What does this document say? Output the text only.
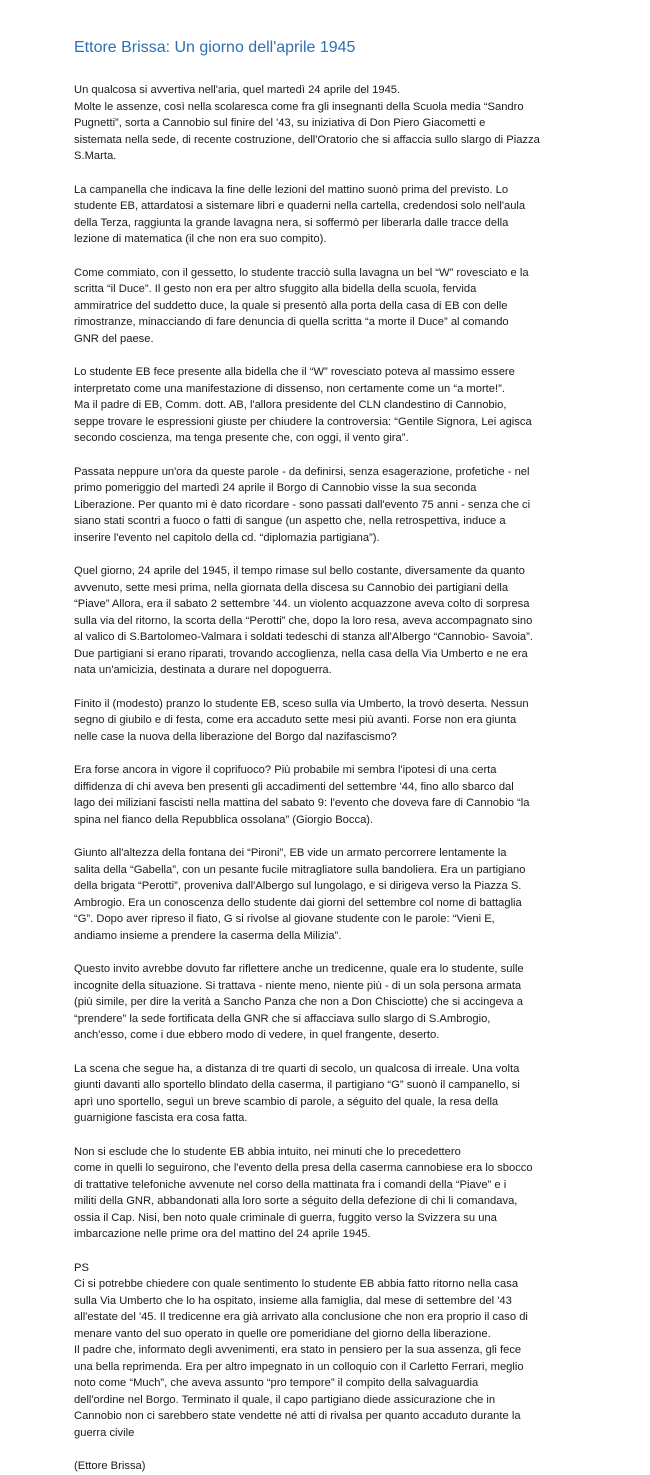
Ettore Brissa: Un giorno dell'aprile 1945

Un qualcosa si avvertiva nell'aria, quel martedì 24 aprile del 1945.
Molte le assenze, così nella scolaresca come fra gli insegnanti della Scuola media “Sandro
Pugnetti”, sorta a Cannobio sul finire del '43, su iniziativa di Don Piero Giacometti e
sistemata nella sede, di recente costruzione, dell'Oratorio che si affaccia sullo slargo di Piazza
S.Marta.

La campanella che indicava la fine delle lezioni del mattino suonò prima del previsto. Lo
studente EB, attardatosi a sistemare libri e quaderni nella cartella, credendosi solo nell'aula
della Terza, raggiunta la grande lavagna nera, si soffermò per liberarla dalle tracce della
lezione di matematica (il che non era suo compito).

Come commiato, con il gessetto, lo studente tracciò sulla lavagna un bel “W” rovesciato e la
scritta “il Duce”. Il gesto non era per altro sfuggito alla bidella della scuola, fervida
ammiratrice del suddetto duce, la quale si presentò alla porta della casa di EB con delle
rimostranze, minacciando di fare denuncia di quella scritta “a morte il Duce” al comando
GNR del paese.

Lo studente EB fece presente alla bidella che il “W” rovesciato poteva al massimo essere
interpretato come una manifestazione di dissenso, non certamente come un “a morte!”.
Ma il padre di EB, Comm. dott. AB, l'allora presidente del CLN clandestino di Cannobio,
seppe trovare le espressioni giuste per chiudere la controversia: “Gentile Signora, Lei agisca
secondo coscienza, ma tenga presente che, con oggi, il vento gira”.

Passata neppure un'ora da queste parole - da definirsi, senza esagerazione, profetiche - nel
primo pomeriggio del martedì 24 aprile il Borgo di Cannobio visse la sua seconda
Liberazione. Per quanto mi è dato ricordare - sono passati dall'evento 75 anni - senza che ci
siano stati scontri a fuoco o fatti di sangue (un aspetto che, nella retrospettiva, induce a
inserire l'evento nel capitolo della cd. “diplomazia partigiana”).

Quel giorno, 24 aprile del 1945, il tempo rimase sul bello costante, diversamente da quanto
avvenuto, sette mesi prima, nella giornata della discesa su Cannobio dei partigiani della
“Piave” Allora, era il sabato 2 settembre '44. un violento acquazzone aveva colto di sorpresa
sulla via del ritorno, la scorta della “Perotti” che, dopo la loro resa, aveva accompagnato sino
al valico di S.Bartolomeo-Valmara i soldati tedeschi di stanza all'Albergo “Cannobio- Savoia”.
Due partigiani si erano riparati, trovando accoglienza, nella casa della Via Umberto e ne era
nata un'amicizia, destinata a durare nel dopoguerra.

Finito il (modesto) pranzo lo studente EB, sceso sulla via Umberto, la trovò deserta. Nessun
segno di giubilo e di festa, come era accaduto sette mesi più avanti. Forse non era giunta
nelle case la nuova della liberazione del Borgo dal nazifascismo?

Era forse ancora in vigore il coprifuoco? Più probabile mi sembra l'ipotesi di una certa
diffidenza di chi aveva ben presenti gli accadimenti del settembre '44, fino allo sbarco dal
lago dei miliziani fascisti nella mattina del sabato 9: l'evento che doveva fare di Cannobio “la
spina nel fianco della Repubblica ossolana” (Giorgio Bocca).

Giunto all'altezza della fontana dei “Pironi”, EB vide un armato percorrere lentamente la
salita della “Gabella”, con un pesante fucile mitragliatore sulla bandoliera. Era un partigiano
della brigata “Perotti”, proveniva dall'Albergo sul lungolago, e si dirigeva verso la Piazza S.
Ambrogio. Era un conoscenza dello studente dai giorni del settembre col nome di battaglia
“G”. Dopo aver ripreso il fiato, G si rivolse al giovane studente con le parole: “Vieni E,
andiamo insieme a prendere la caserma della Milizia”.

Questo invito avrebbe dovuto far riflettere anche un tredicenne, quale era lo studente, sulle
incognite della situazione. Si trattava - niente meno, niente più - di un sola persona armata
(più simile, per dire la verità a Sancho Panza che non a Don Chisciotte) che si accingeva a
“prendere” la sede fortificata della GNR che si affacciava sullo slargo di S.Ambrogio,
anch'esso, come i due ebbero modo di vedere, in quel frangente, deserto.

La scena che segue ha, a distanza di tre quarti di secolo, un qualcosa di irreale. Una volta
giunti davanti allo sportello blindato della caserma, il partigiano “G” suonò il campanello, si
aprì uno sportello, seguì un breve scambio di parole, a séguito del quale, la resa della
guarnigione fascista era cosa fatta.

Non si esclude che lo studente EB abbia intuito, nei minuti che lo precedettero
come in quelli lo seguirono, che l'evento della presa della caserma cannobiese era lo sbocco
di trattative telefoniche avvenute nel corso della mattinata fra i comandi della “Piave” e i
militi della GNR, abbandonati alla loro sorte a séguito della defezione di chi li comandava,
ossia il Cap. Nisi, ben noto quale criminale di guerra, fuggito verso la Svizzera su una
imbarcazione nelle prime ora del mattino del 24 aprile 1945.

PS
Ci si potrebbe chiedere con quale sentimento lo studente EB abbia fatto ritorno nella casa
sulla Via Umberto che lo ha ospitato, insieme alla famiglia, dal mese di settembre del '43
all'estate del '45. Il tredicenne era già arrivato alla conclusione che non era proprio il caso di
menare vanto del suo operato in quelle ore pomeridiane del giorno della liberazione.
Il padre che, informato degli avvenimenti, era stato in pensiero per la sua assenza, gli fece
una bella reprimenda. Era per altro impegnato in un colloquio con il Carletto Ferrari, meglio
noto come “Much”, che aveva assunto “pro tempore” il compito della salvaguardia
dell'ordine nel Borgo. Terminato il quale, il capo partigiano diede assicurazione che in
Cannobio non ci sarebbero state vendette né atti di rivalsa per quanto accaduto durante la
guerra civile

(Ettore Brissa)
